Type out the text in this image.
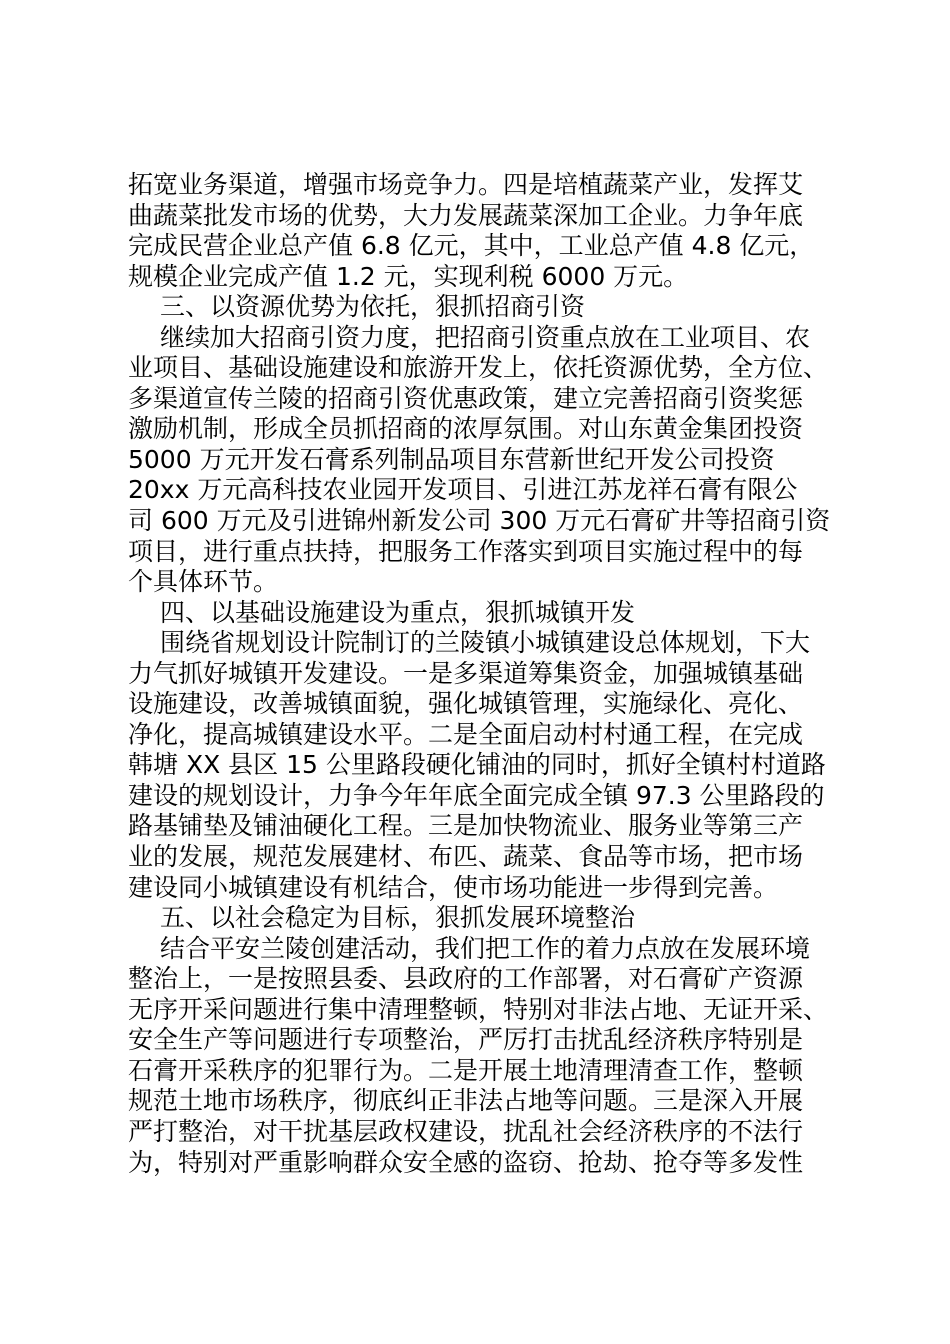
拓宽业务渠道，增强市场竞争力。四是培植蔬菜产业，发挥艾
曲蔬菜批发市场的优势，大力发展蔬菜深加工企业。力争年底
完成民营企业总产值 6.8 亿元，其中，工业总产值 4.8 亿元，
规模企业完成产值 1.2 元，实现利税 6000 万元。
三、以资源优势为依托，狠抓招商引资
继续加大招商引资力度，把招商引资重点放在工业项目、农
业项目、基础设施建设和旅游开发上，依托资源优势，全方位、
多渠道宣传兰陵的招商引资优惠政策，建立完善招商引资奖惩
激励机制，形成全员抓招商的浓厚氛围。对山东黄金集团投资
5000 万元开发石膏系列制品项目东营新世纪开发公司投资
20xx 万元高科技农业园开发项目、引进江苏龙祥石膏有限公
司 600 万元及引进锦州新发公司 300 万元石膏矿井等招商引资
项目，进行重点扶持，把服务工作落实到项目实施过程中的每
个具体环节。
四、以基础设施建设为重点，狠抓城镇开发
围绕省规划设计院制订的兰陵镇小城镇建设总体规划，下大
力气抓好城镇开发建设。一是多渠道筹集资金，加强城镇基础
设施建设，改善城镇面貌，强化城镇管理，实施绿化、亮化、
净化，提高城镇建设水平。二是全面启动村村通工程，在完成
韩塘 XX 县区 15 公里路段硬化铺油的同时，抓好全镇村村道路
建设的规划设计，力争今年年底全面完成全镇 97.3 公里路段的
路基铺垫及铺油硬化工程。三是加快物流业、服务业等第三产
业的发展，规范发展建材、布匹、蔬菜、食品等市场，把市场
建设同小城镇建设有机结合，使市场功能进一步得到完善。
五、以社会稳定为目标，狠抓发展环境整治
结合平安兰陵创建活动，我们把工作的着力点放在发展环境
整治上，一是按照县委、县政府的工作部署，对石膏矿产资源
无序开采问题进行集中清理整顿，特别对非法占地、无证开采、
安全生产等问题进行专项整治，严厉打击扰乱经济秩序特别是
石膏开采秩序的犯罪行为。二是开展土地清理清查工作，整顿
规范土地市场秩序，彻底纠正非法占地等问题。三是深入开展
严打整治，对干扰基层政权建设，扰乱社会经济秩序的不法行
为，特别对严重影响群众安全感的盗窃、抢劫、抢夺等多发性
